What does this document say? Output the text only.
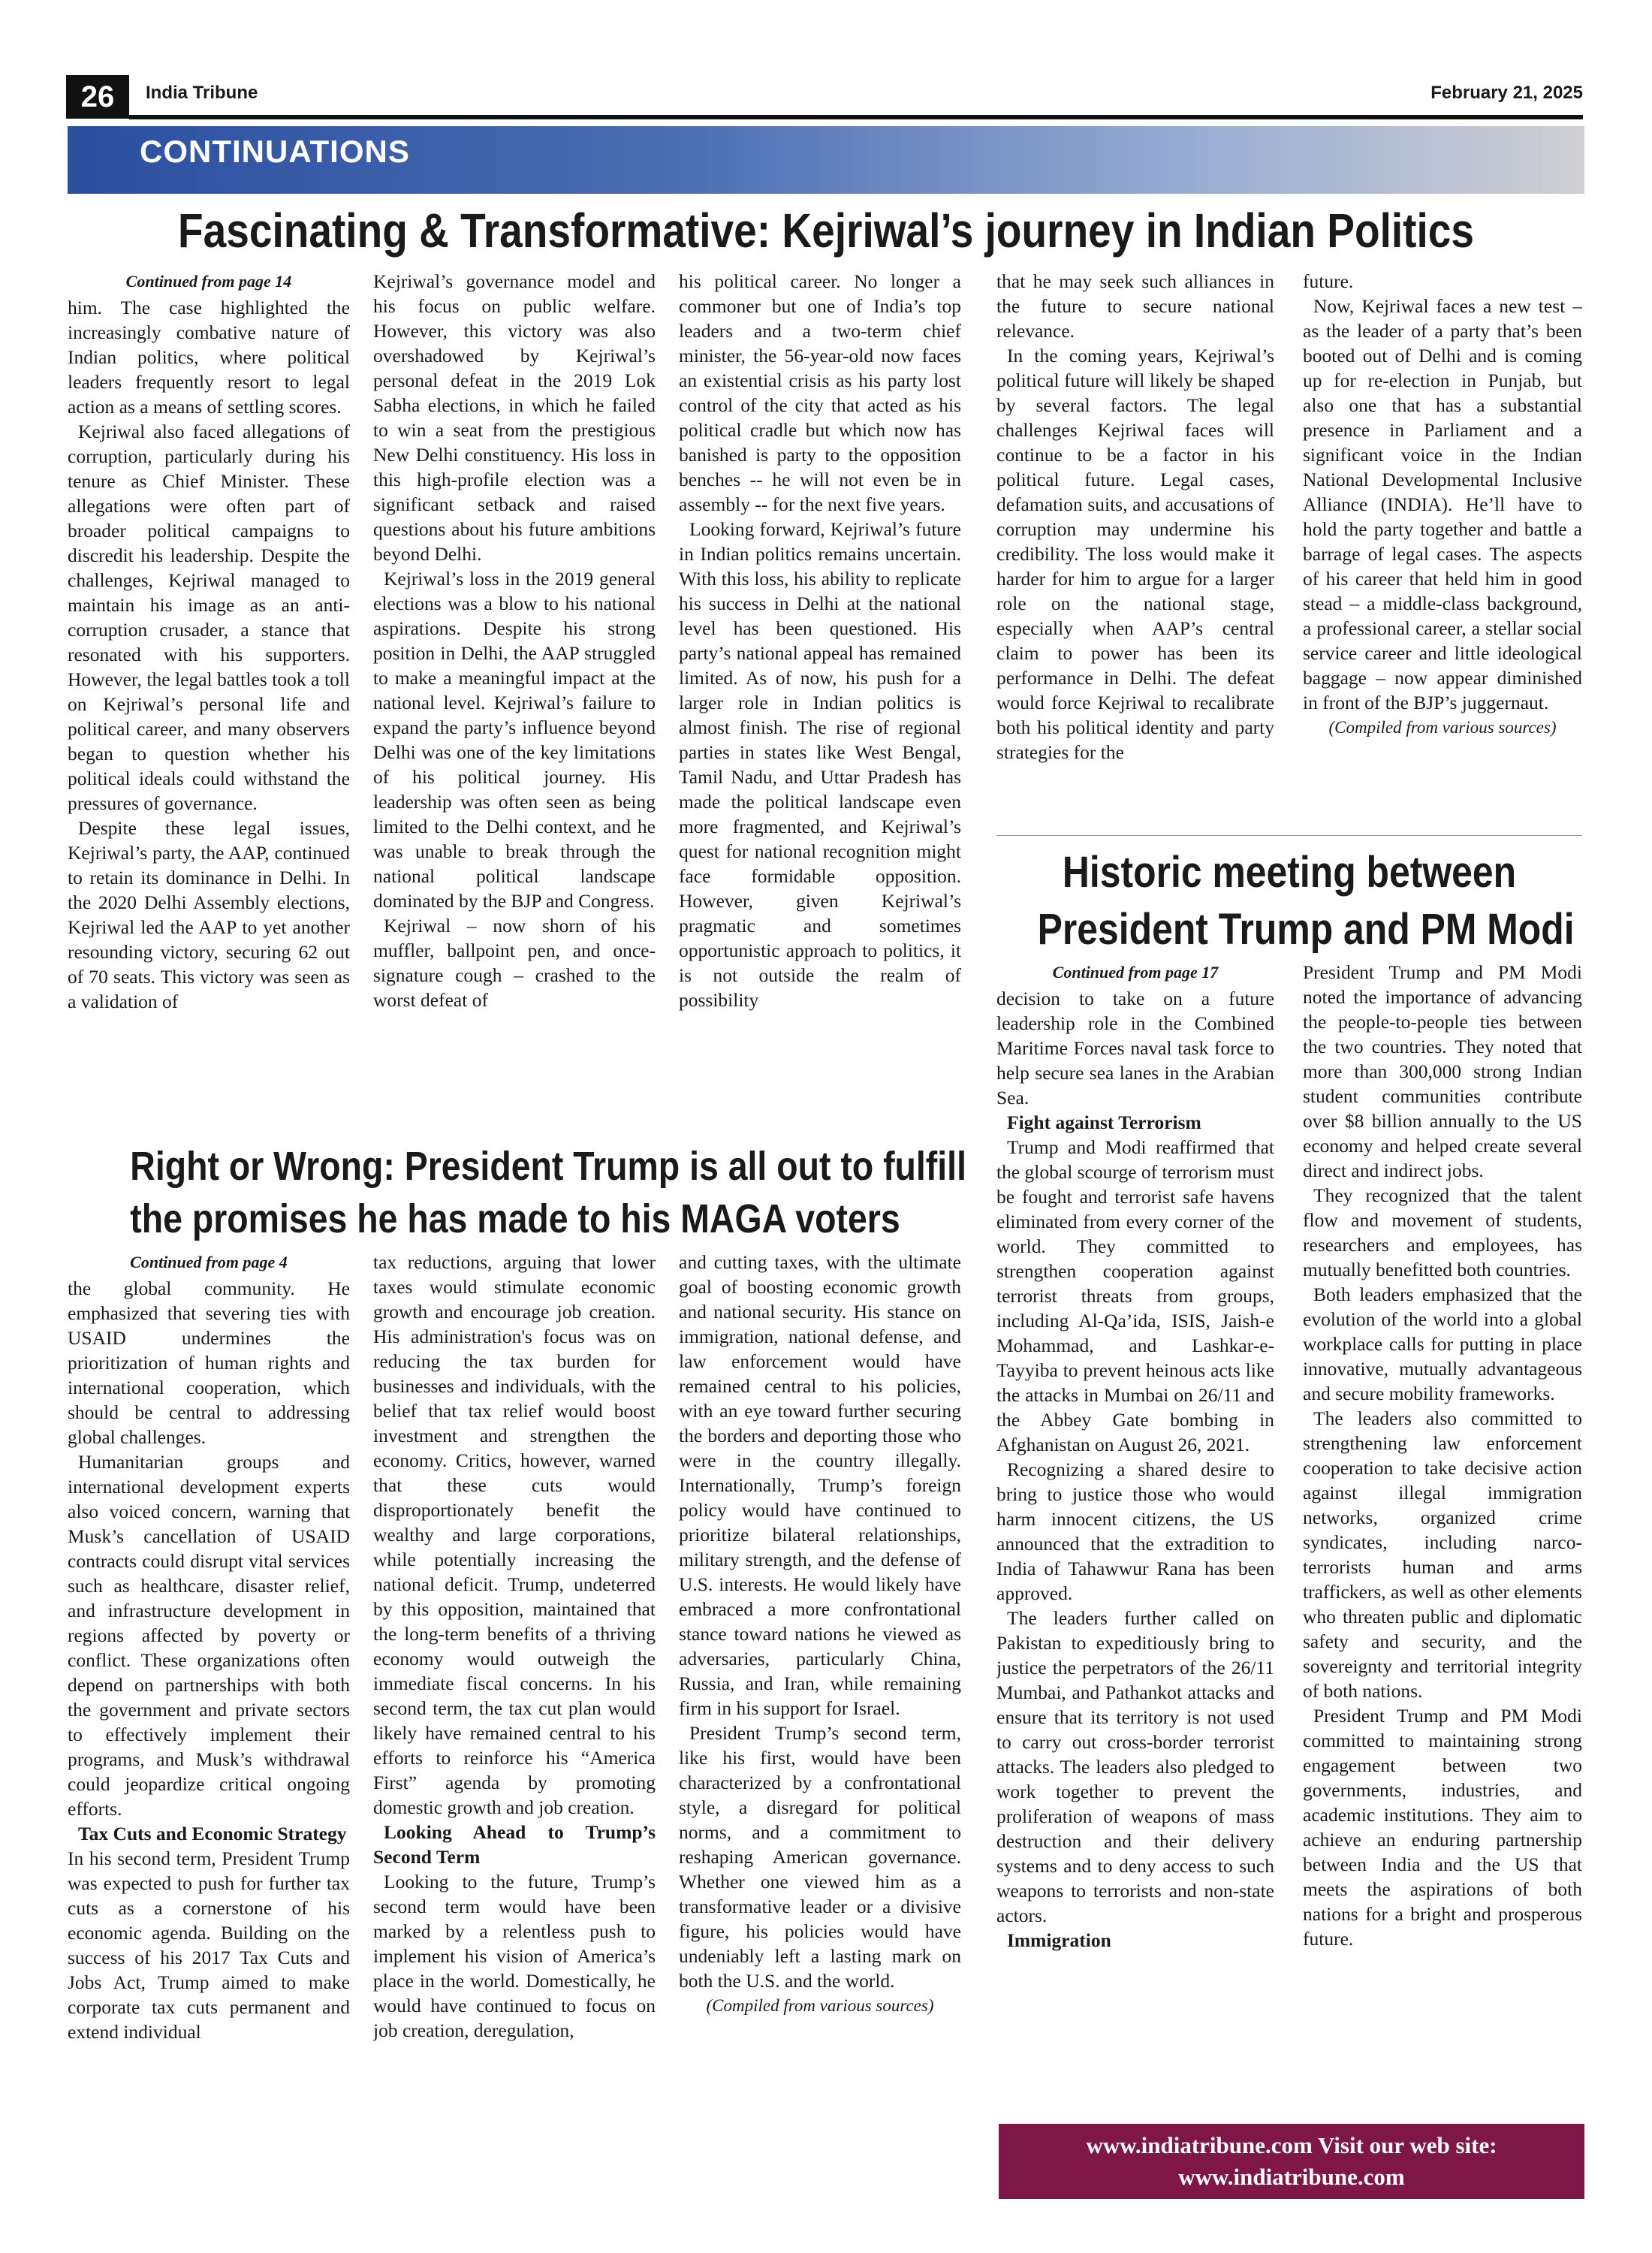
26	India Tribune	February 21, 2025
CONTINUATIONS
Fascinating & Transformative: Kejriwal’s journey in Indian Politics
Continued from page 14

him. The case highlighted the increasingly combative nature of Indian politics, where political leaders frequently resort to legal action as a means of settling scores.

Kejriwal also faced allegations of corruption, particularly during his tenure as Chief Minister. These allegations were often part of broader political campaigns to discredit his leadership. Despite the challenges, Kejriwal managed to maintain his image as an anti-corruption crusader, a stance that resonated with his supporters. However, the legal battles took a toll on Kejriwal’s personal life and political career, and many observers began to question whether his political ideals could withstand the pressures of governance.

Despite these legal issues, Kejriwal’s party, the AAP, continued to retain its dominance in Delhi. In the 2020 Delhi Assembly elections, Kejriwal led the AAP to yet another resounding victory, securing 62 out of 70 seats. This victory was seen as a validation of

Kejriwal’s governance model and his focus on public welfare. However, this victory was also overshadowed by Kejriwal’s personal defeat in the 2019 Lok Sabha elections, in which he failed to win a seat from the prestigious New Delhi constituency. His loss in this high-profile election was a significant setback and raised questions about his future ambitions beyond Delhi.

Kejriwal’s loss in the 2019 general elections was a blow to his national aspirations. Despite his strong position in Delhi, the AAP struggled to make a meaningful impact at the national level. Kejriwal’s failure to expand the party’s influence beyond Delhi was one of the key limitations of his political journey. His leadership was often seen as being limited to the Delhi context, and he was unable to break through the national political landscape dominated by the BJP and Congress.

Kejriwal – now shorn of his muffler, ballpoint pen, and once-signature cough – crashed to the worst defeat of

his political career. No longer a commoner but one of India’s top leaders and a two-term chief minister, the 56-year-old now faces an existential crisis as his party lost control of the city that acted as his political cradle but which now has banished is party to the opposition benches -- he will not even be in assembly -- for the next five years.

Looking forward, Kejriwal’s future in Indian politics remains uncertain. With this loss, his ability to replicate his success in Delhi at the national level has been questioned. His party’s national appeal has remained limited. As of now, his push for a larger role in Indian politics is almost finish. The rise of regional parties in states like West Bengal, Tamil Nadu, and Uttar Pradesh has made the political landscape even more fragmented, and Kejriwal’s quest for national recognition might face formidable opposition. However, given Kejriwal’s pragmatic and sometimes opportunistic approach to politics, it is not outside the realm of possibility

that he may seek such alliances in the future to secure national relevance.

In the coming years, Kejriwal’s political future will likely be shaped by several factors. The legal challenges Kejriwal faces will continue to be a factor in his political future. Legal cases, defamation suits, and accusations of corruption may undermine his credibility. The loss would make it harder for him to argue for a larger role on the national stage, especially when AAP’s central claim to power has been its performance in Delhi. The defeat would force Kejriwal to recalibrate both his political identity and party strategies for the

future.

Now, Kejriwal faces a new test – as the leader of a party that’s been booted out of Delhi and is coming up for re-election in Punjab, but also one that has a substantial presence in Parliament and a significant voice in the Indian National Developmental Inclusive Alliance (INDIA). He’ll have to hold the party together and battle a barrage of legal cases. The aspects of his career that held him in good stead – a middle-class background, a professional career, a stellar social service career and little ideological baggage – now appear diminished in front of the BJP’s juggernaut.

(Compiled from various sources)
Historic meeting between
President Trump and PM Modi
Continued from page 17

decision to take on a future leadership role in the Combined Maritime Forces naval task force to help secure sea lanes in the Arabian Sea.

Fight against Terrorism

Trump and Modi reaffirmed that the global scourge of terrorism must be fought and terrorist safe havens eliminated from every corner of the world. They committed to strengthen cooperation against terrorist threats from groups, including Al-Qa’ida, ISIS, Jaish-e Mohammad, and Lashkar-e-Tayyiba to prevent heinous acts like the attacks in Mumbai on 26/11 and the Abbey Gate bombing in Afghanistan on August 26, 2021.

Recognizing a shared desire to bring to justice those who would harm innocent citizens, the US announced that the extradition to India of Tahawwur Rana has been approved.

The leaders further called on Pakistan to expeditiously bring to justice the perpetrators of the 26/11 Mumbai, and Pathankot attacks and ensure that its territory is not used to carry out cross-border terrorist attacks. The leaders also pledged to work together to prevent the proliferation of weapons of mass destruction and their delivery systems and to deny access to such weapons to terrorists and non-state actors.

Immigration

President Trump and PM Modi noted the importance of advancing the people-to-people ties between the two countries. They noted that more than 300,000 strong Indian student communities contribute over $8 billion annually to the US economy and helped create several direct and indirect jobs.

They recognized that the talent flow and movement of students, researchers and employees, has mutually benefitted both countries.

Both leaders emphasized that the evolution of the world into a global workplace calls for putting in place innovative, mutually advantageous and secure mobility frameworks.

The leaders also committed to strengthening law enforcement cooperation to take decisive action against illegal immigration networks, organized crime syndicates, including narco-terrorists human and arms traffickers, as well as other elements who threaten public and diplomatic safety and security, and the sovereignty and territorial integrity of both nations.

President Trump and PM Modi committed to maintaining strong engagement between two governments, industries, and academic institutions. They aim to achieve an enduring partnership between India and the US that meets the aspirations of both nations for a bright and prosperous future.

Right or Wrong: President Trump is all out to fulfill
the promises he has made to his MAGA voters
Continued from page 4

the global community. He emphasized that severing ties with USAID undermines the prioritization of human rights and international cooperation, which should be central to addressing global challenges.

Humanitarian groups and international development experts also voiced concern, warning that Musk’s cancellation of USAID contracts could disrupt vital services such as healthcare, disaster relief, and infrastructure development in regions affected by poverty or conflict. These organizations often depend on partnerships with both the government and private sectors to effectively implement their programs, and Musk’s withdrawal could jeopardize critical ongoing efforts.

Tax Cuts and Economic Strategy

In his second term, President Trump was expected to push for further tax cuts as a cornerstone of his economic agenda. Building on the success of his 2017 Tax Cuts and Jobs Act, Trump aimed to make corporate tax cuts permanent and extend individual

tax reductions, arguing that lower taxes would stimulate economic growth and encourage job creation. His administration's focus was on reducing the tax burden for businesses and individuals, with the belief that tax relief would boost investment and strengthen the economy. Critics, however, warned that these cuts would disproportionately benefit the wealthy and large corporations, while potentially increasing the national deficit. Trump, undeterred by this opposition, maintained that the long-term benefits of a thriving economy would outweigh the immediate fiscal concerns. In his second term, the tax cut plan would likely have remained central to his efforts to reinforce his “America First” agenda by promoting domestic growth and job creation.

Looking Ahead to Trump’s Second Term

Looking to the future, Trump’s second term would have been marked by a relentless push to implement his vision of America’s place in the world. Domestically, he would have continued to focus on job creation, deregulation,

and cutting taxes, with the ultimate goal of boosting economic growth and national security. His stance on immigration, national defense, and law enforcement would have remained central to his policies, with an eye toward further securing the borders and deporting those who were in the country illegally. Internationally, Trump’s foreign policy would have continued to prioritize bilateral relationships, military strength, and the defense of U.S. interests. He would likely have embraced a more confrontational stance toward nations he viewed as adversaries, particularly China, Russia, and Iran, while remaining firm in his support for Israel.

President Trump’s second term, like his first, would have been characterized by a confrontational style, a disregard for political norms, and a commitment to reshaping American governance. Whether one viewed him as a transformative leader or a divisive figure, his policies would have undeniably left a lasting mark on both the U.S. and the world.

(Compiled from various sources)
www.indiatribune.com Visit our web site:
www.indiatribune.com
